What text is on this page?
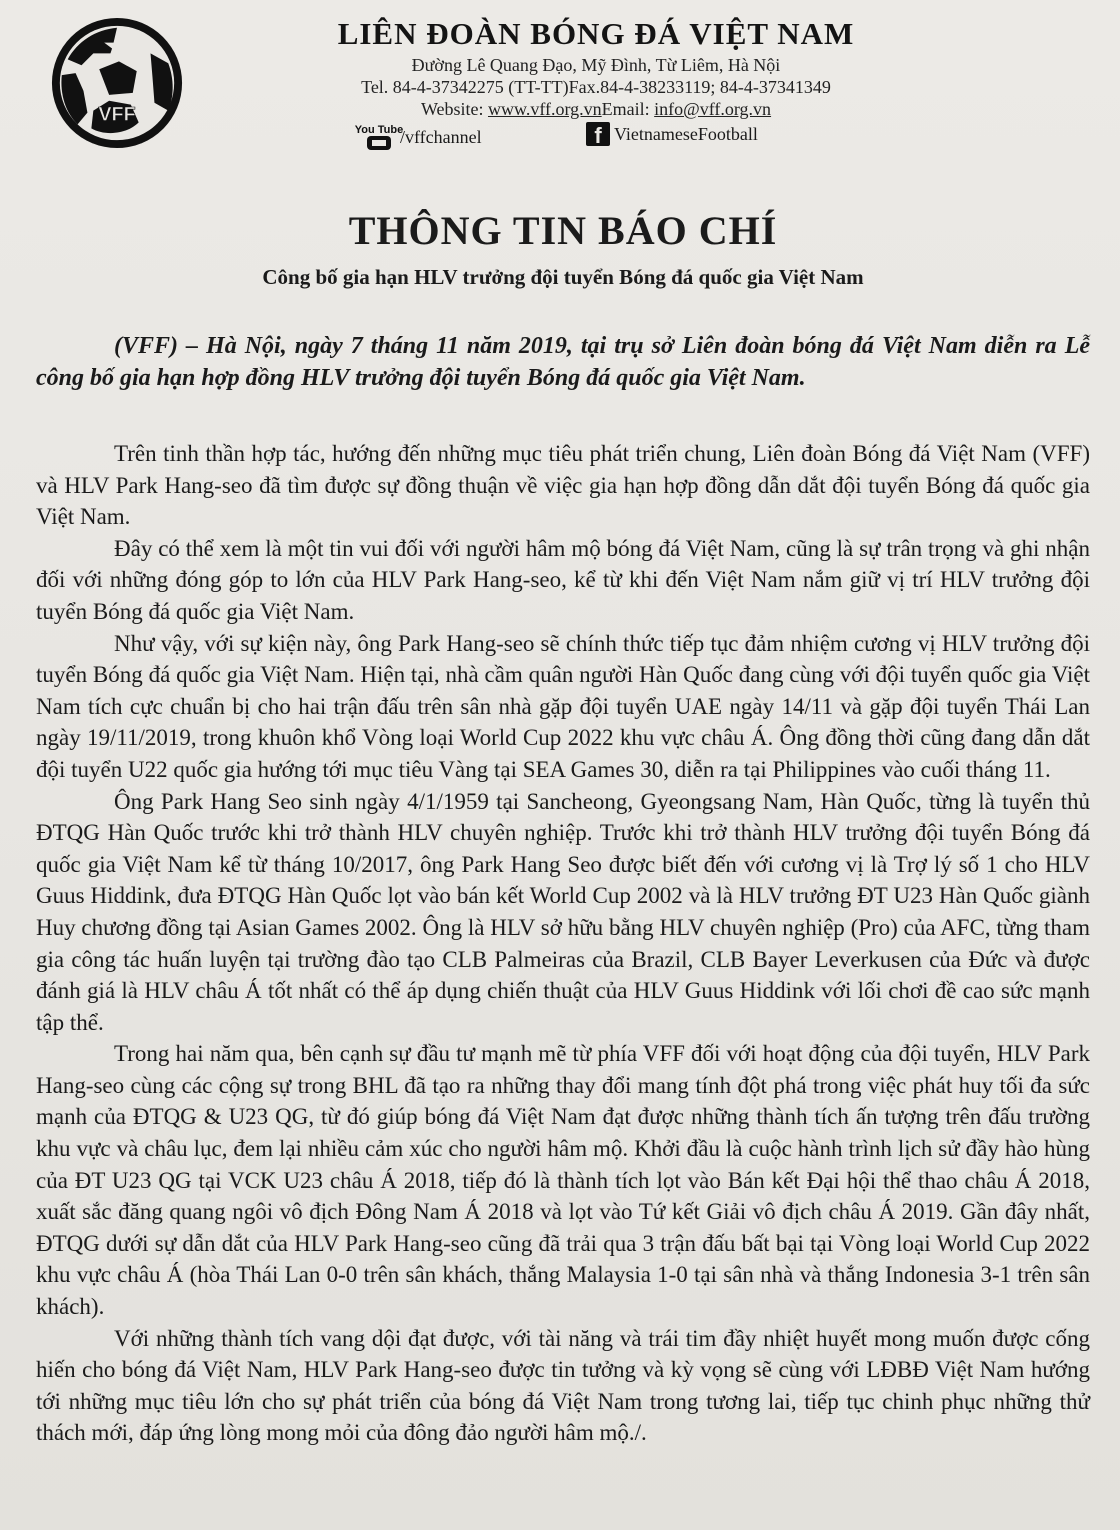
VFF
LIÊN ĐOÀN BÓNG ĐÁ VIỆT NAM
Đường Lê Quang Đạo, Mỹ Đình, Từ Liêm, Hà Nội
Tel. 84-4-37342275 (TT-TT)Fax.84-4-38233119; 84-4-37341349
Website: www.vff.org.vnEmail: info@vff.org.vn
You Tube
/vffchannel	f VietnameseFootball
THÔNG TIN BÁO CHÍ
Công bố gia hạn HLV trưởng đội tuyển Bóng đá quốc gia Việt Nam
(VFF) – Hà Nội, ngày 7 tháng 11 năm 2019, tại trụ sở Liên đoàn bóng đá Việt Nam diễn ra Lễ công bố gia hạn hợp đồng HLV trưởng đội tuyển Bóng đá quốc gia Việt Nam.

Trên tinh thần hợp tác, hướng đến những mục tiêu phát triển chung, Liên đoàn Bóng đá Việt Nam (VFF) và HLV Park Hang-seo đã tìm được sự đồng thuận về việc gia hạn hợp đồng dẫn dắt đội tuyển Bóng đá quốc gia Việt Nam.

Đây có thể xem là một tin vui đối với người hâm mộ bóng đá Việt Nam, cũng là sự trân trọng và ghi nhận đối với những đóng góp to lớn của HLV Park Hang-seo, kể từ khi đến Việt Nam nắm giữ vị trí HLV trưởng đội tuyển Bóng đá quốc gia Việt Nam.

Như vậy, với sự kiện này, ông Park Hang-seo sẽ chính thức tiếp tục đảm nhiệm cương vị HLV trưởng đội tuyển Bóng đá quốc gia Việt Nam. Hiện tại, nhà cầm quân người Hàn Quốc đang cùng với đội tuyển quốc gia Việt Nam tích cực chuẩn bị cho hai trận đấu trên sân nhà gặp đội tuyển UAE ngày 14/11 và gặp đội tuyển Thái Lan ngày 19/11/2019, trong khuôn khổ Vòng loại World Cup 2022 khu vực châu Á. Ông đồng thời cũng đang dẫn dắt đội tuyển U22 quốc gia hướng tới mục tiêu Vàng tại SEA Games 30, diễn ra tại Philippines vào cuối tháng 11.

Ông Park Hang Seo sinh ngày 4/1/1959 tại Sancheong, Gyeongsang Nam, Hàn Quốc, từng là tuyển thủ ĐTQG Hàn Quốc trước khi trở thành HLV chuyên nghiệp. Trước khi trở thành HLV trưởng đội tuyển Bóng đá quốc gia Việt Nam kể từ tháng 10/2017, ông Park Hang Seo được biết đến với cương vị là Trợ lý số 1 cho HLV Guus Hiddink, đưa ĐTQG Hàn Quốc lọt vào bán kết World Cup 2002 và là HLV trưởng ĐT U23 Hàn Quốc giành Huy chương đồng tại Asian Games 2002. Ông là HLV sở hữu bằng HLV chuyên nghiệp (Pro) của AFC, từng tham gia công tác huấn luyện tại trường đào tạo CLB Palmeiras của Brazil, CLB Bayer Leverkusen của Đức và được đánh giá là HLV châu Á tốt nhất có thể áp dụng chiến thuật của HLV Guus Hiddink với lối chơi đề cao sức mạnh tập thể.

Trong hai năm qua, bên cạnh sự đầu tư mạnh mẽ từ phía VFF đối với hoạt động của đội tuyển, HLV Park Hang-seo cùng các cộng sự trong BHL đã tạo ra những thay đổi mang tính đột phá trong việc phát huy tối đa sức mạnh của ĐTQG & U23 QG, từ đó giúp bóng đá Việt Nam đạt được những thành tích ấn tượng trên đấu trường khu vực và châu lục, đem lại nhiều cảm xúc cho người hâm mộ. Khởi đầu là cuộc hành trình lịch sử đầy hào hùng của ĐT U23 QG tại VCK U23 châu Á 2018, tiếp đó là thành tích lọt vào Bán kết Đại hội thể thao châu Á 2018, xuất sắc đăng quang ngôi vô địch Đông Nam Á 2018 và lọt vào Tứ kết Giải vô địch châu Á 2019. Gần đây nhất, ĐTQG dưới sự dẫn dắt của HLV Park Hang-seo cũng đã trải qua 3 trận đấu bất bại tại Vòng loại World Cup 2022 khu vực châu Á (hòa Thái Lan 0-0 trên sân khách, thắng Malaysia 1-0 tại sân nhà và thắng Indonesia 3-1 trên sân khách).

Với những thành tích vang dội đạt được, với tài năng và trái tim đầy nhiệt huyết mong muốn được cống hiến cho bóng đá Việt Nam, HLV Park Hang-seo được tin tưởng và kỳ vọng sẽ cùng với LĐBĐ Việt Nam hướng tới những mục tiêu lớn cho sự phát triển của bóng đá Việt Nam trong tương lai, tiếp tục chinh phục những thử thách mới, đáp ứng lòng mong mỏi của đông đảo người hâm mộ./.
